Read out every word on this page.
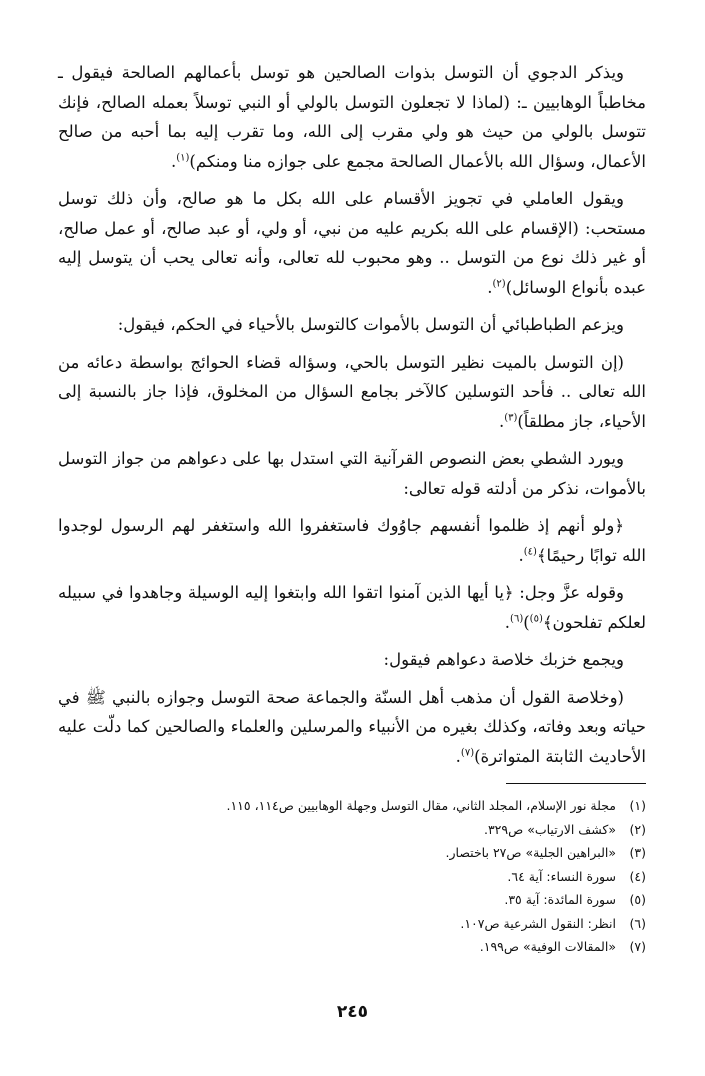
ويذكر الدجوي أن التوسل بذوات الصالحين هو توسل بأعمالهم الصالحة فيقول ـ مخاطباً الوهابيين ـ: (لماذا لا تجعلون التوسل بالولي أو النبي توسلاً بعمله الصالح، فإنك تتوسل بالولي من حيث هو ولي مقرب إلى الله، وما تقرب إليه بما أحبه من صالح الأعمال، وسؤال الله بالأعمال الصالحة مجمع على جوازه منا ومنكم)$^{(١)}$.

ويقول العاملي في تجويز الأقسام على الله بكل ما هو صالح، وأن ذلك توسل مستحب: (الإقسام على الله بكريم عليه من نبي، أو ولي، أو عبد صالح، أو عمل صالح، أو غير ذلك نوع من التوسل .. وهو محبوب لله تعالى، وأنه تعالى يحب أن يتوسل إليه عبده بأنواع الوسائل)$^{(٢)}$.

ويزعم الطباطبائي أن التوسل بالأموات كالتوسل بالأحياء في الحكم، فيقول:

(إن التوسل بالميت نظير التوسل بالحي، وسؤاله قضاء الحوائج بواسطة دعائه من الله تعالى .. فأحد التوسلين كالآخر بجامع السؤال من المخلوق، فإذا جاز بالنسبة إلى الأحياء، جاز مطلقاً)$^{(٣)}$.

ويورد الشطي بعض النصوص القرآنية التي استدل بها على دعواهم من جواز التوسل بالأموات، نذكر من أدلته قوله تعالى:

﴿ولو أنهم إذ ظلموا أنفسهم جاوُوك فاستغفروا الله واستغفر لهم الرسول لوجدوا الله توابًا رحيمًا﴾$^{(٤)}$.

وقوله عزَّ وجل: ﴿يا أيها الذين آمنوا اتقوا الله وابتغوا إليه الوسيلة وجاهدوا في سبيله لعلكم تفلحون﴾$^{(٥)}$)$^{(٦)}$.

ويجمع خزبك خلاصة دعواهم فيقول:

(وخلاصة القول أن مذهب أهل السنّة والجماعة صحة التوسل وجوازه بالنبي ﷺ في حياته وبعد وفاته، وكذلك بغيره من الأنبياء والمرسلين والعلماء والصالحين كما دلّت عليه الأحاديث الثابتة المتواترة)$^{(٧)}$.

(١)مجلة نور الإسلام، المجلد الثاني، مقال التوسل وجهلة الوهابيين ص١١٤، ١١٥.
(٢)«كشف الارتياب» ص٣٢٩.
(٣)«البراهين الجلية» ص٢٧ باختصار.
(٤)سورة النساء: آية ٦٤.
(٥)سورة المائدة: آية ٣٥.
(٦)انظر: النقول الشرعية ص١٠٧.
(٧)«المقالات الوفية» ص١٩٩.
٢٤٥
